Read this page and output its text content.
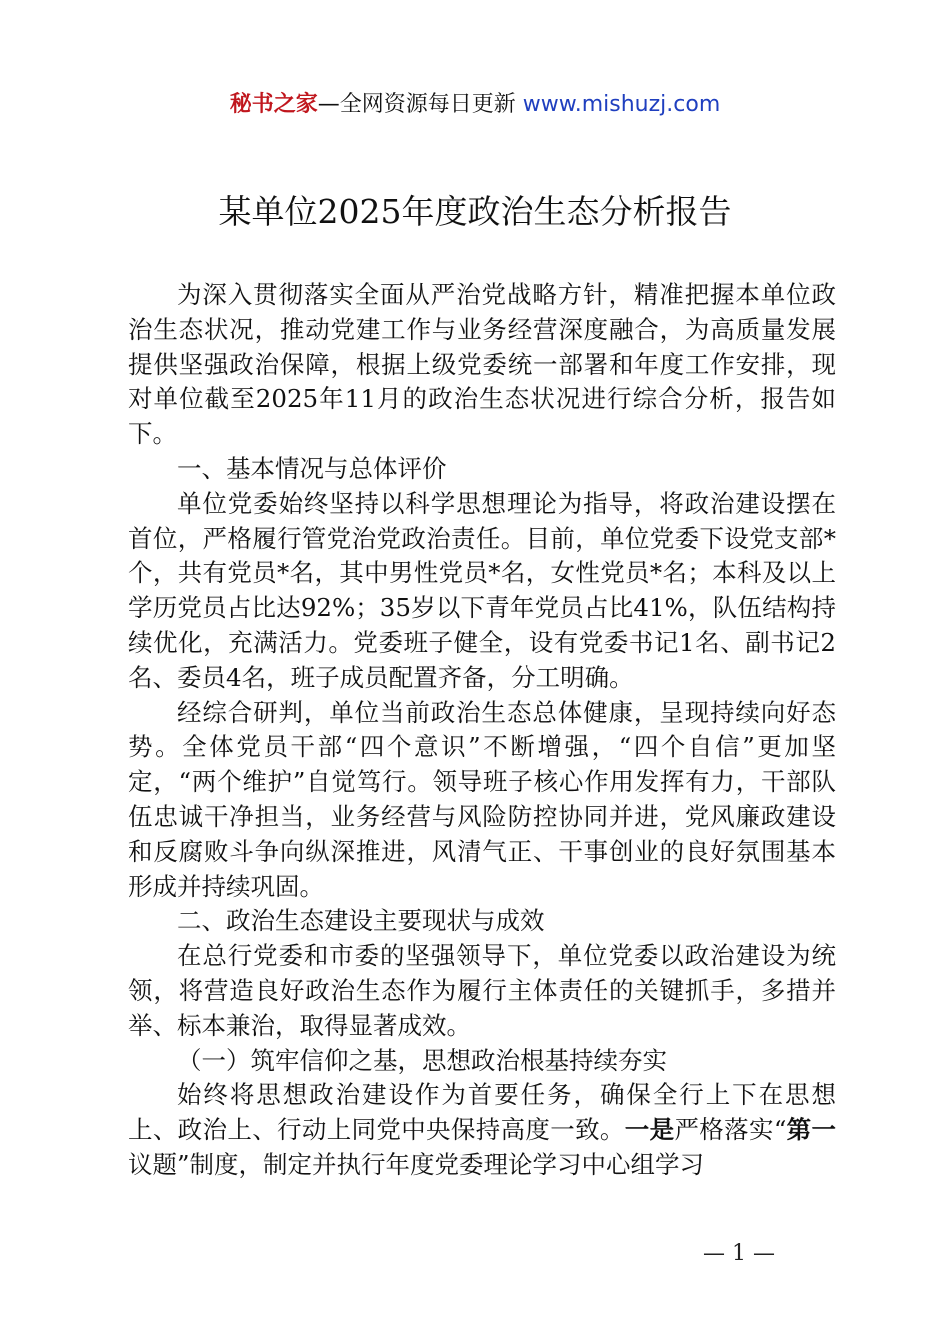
秘书之家—全网资源每日更新 www.mishuzj.com
某单位2025年度政治生态分析报告

为深入贯彻落实全面从严治党战略方针，精准把握本单位政治生态状况，推动党建工作与业务经营深度融合，为高质量发展提供坚强政治保障，根据上级党委统一部署和年度工作安排，现对单位截至2025年11月的政治生态状况进行综合分析，报告如下。

一、基本情况与总体评价

单位党委始终坚持以科学思想理论为指导，将政治建设摆在首位，严格履行管党治党政治责任。目前，单位党委下设党支部*个，共有党员*名，其中男性党员*名，女性党员*名；本科及以上学历党员占比达92%；35岁以下青年党员占比41%，队伍结构持续优化，充满活力。党委班子健全，设有党委书记1名、副书记2名、委员4名，班子成员配置齐备，分工明确。

经综合研判，单位当前政治生态总体健康，呈现持续向好态势。全体党员干部“四个意识”不断增强，“四个自信”更加坚定，“两个维护”自觉笃行。领导班子核心作用发挥有力，干部队伍忠诚干净担当，业务经营与风险防控协同并进，党风廉政建设和反腐败斗争向纵深推进，风清气正、干事创业的良好氛围基本形成并持续巩固。

二、政治生态建设主要现状与成效

在总行党委和市委的坚强领导下，单位党委以政治建设为统领，将营造良好政治生态作为履行主体责任的关键抓手，多措并举、标本兼治，取得显著成效。

（一）筑牢信仰之基，思想政治根基持续夯实

始终将思想政治建设作为首要任务，确保全行上下在思想上、政治上、行动上同党中央保持高度一致。一是严格落实“第一议题”制度，制定并执行年度党委理论学习中心组学习

— 1 —
